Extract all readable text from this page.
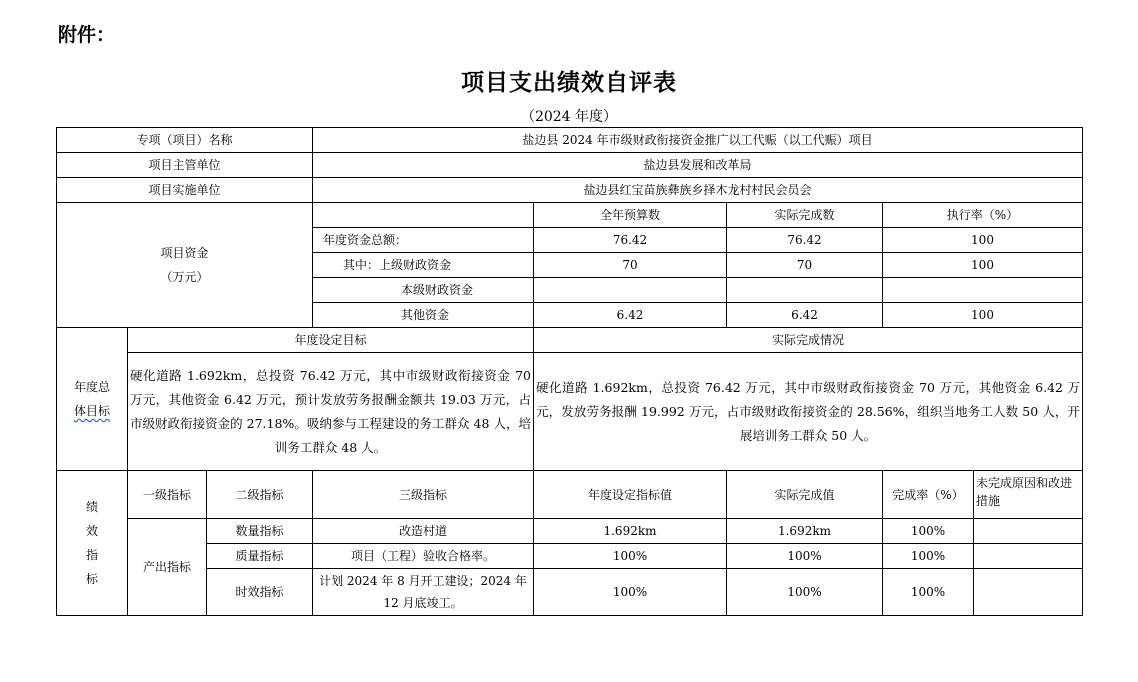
附件：
项目支出绩效自评表
（2024 年度）
专项（项目）名称			盐边县 2024 年市级财政衔接资金推广以工代赈（以工代赈）项目				
项目主管单位			盐边县发展和改革局				
项目实施单位			盐边县红宝苗族彝族乡择木龙村村民会员会				

项目资金
（万元）				全年预算数	实际完成数	执行率（%）	
			年度资金总额：	76.42	76.42	100	
			其中：上级财政资金	70	70	100	
			本级财政资金				
			其他资金	6.42	6.42	100	

年度总
体目标	年度设定目标			实际完成情况			
	硬化道路 1.692km，总投资 76.42 万元，其中市级财政衔接资金 70 万元，其他资金 6.42 万元，预计发放劳务报酬金额共 19.03 万元，占市级财政衔接资金的 27.18%。吸纳参与工程建设的务工群众 48 人，培训务工群众 48 人。			硬化道路 1.692km，总投资 76.42 万元，其中市级财政衔接资金 70 万元，其他资金 6.42 万元，发放劳务报酬 19.992 万元，占市级财政衔接资金的 28.56%，组织当地务工人数 50 人，开展培训务工群众 50 人。			

绩
效
指
标	一级指标	二级指标	三级指标	年度设定指标值	实际完成值	完成率（%）	未完成原因和改进措施
	产出指标	数量指标	改造村道	1.692km	1.692km	100%	
		质量指标	项目（工程）验收合格率。	100%	100%	100%	
		时效指标	计划 2024 年 8 月开工建设；2024 年 12 月底竣工。	100%	100%	100%	
